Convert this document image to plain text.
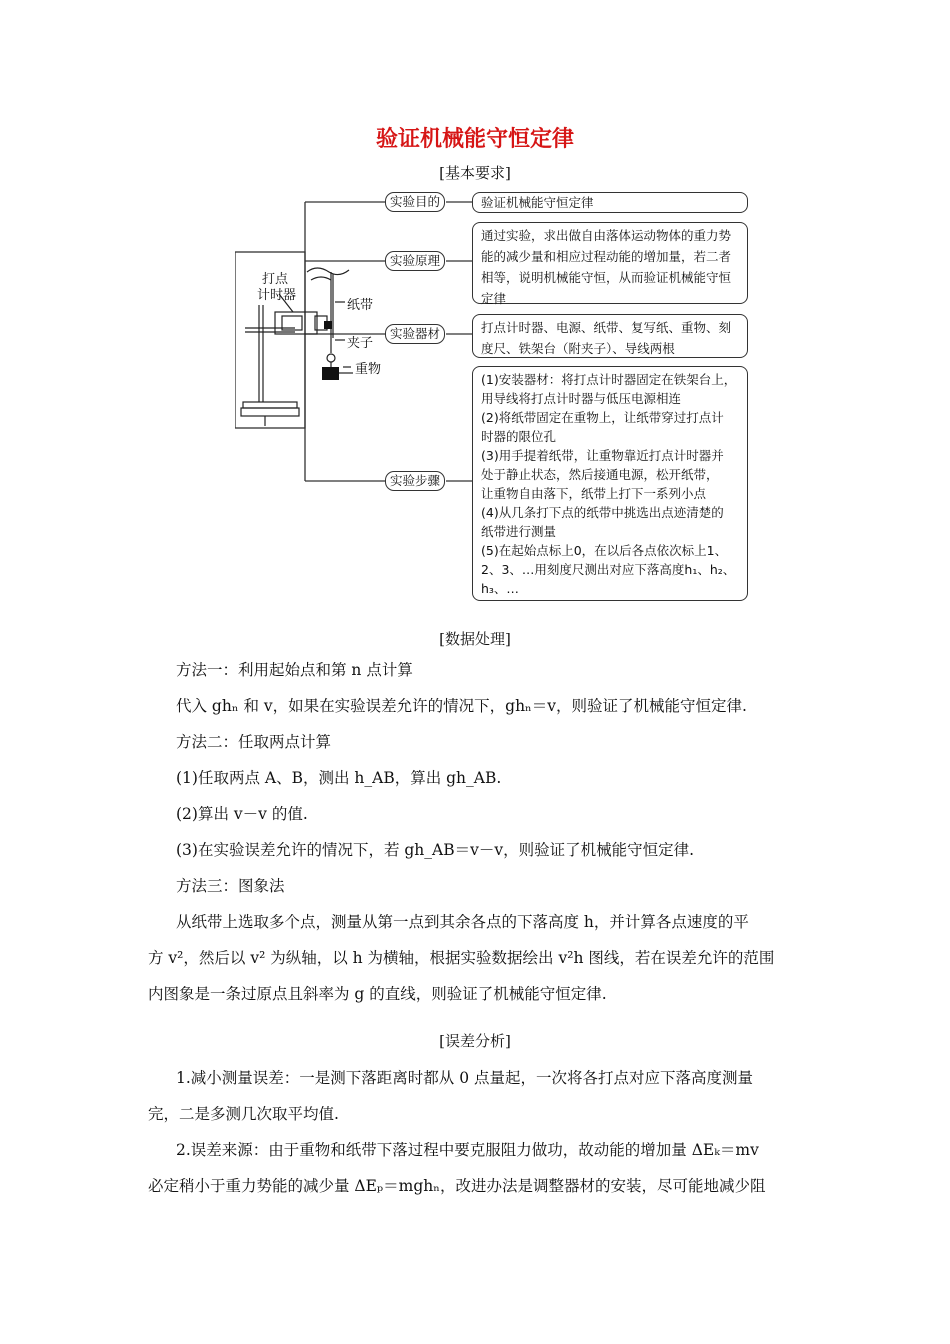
验证机械能守恒定律
[基本要求]
打点
计时器
纸带
夹子
重物
实验目的
实验原理
实验器材
实验步骤
验证机械能守恒定律
通过实验，求出做自由落体运动物体的重力势能的减少量和相应过程动能的增加量，若二者相等，说明机械能守恒，从而验证机械能守恒定律
打点计时器、电源、纸带、复写纸、重物、刻度尺、铁架台（附夹子）、导线两根
(1)安装器材：将打点计时器固定在铁架台上，
用导线将打点计时器与低压电源相连
(2)将纸带固定在重物上，让纸带穿过打点计
时器的限位孔
(3)用手提着纸带，让重物靠近打点计时器并
处于静止状态，然后接通电源，松开纸带，
让重物自由落下，纸带上打下一系列小点
(4)从几条打下点的纸带中挑选出点迹清楚的
纸带进行测量
(5)在起始点标上0，在以后各点依次标上1、
2、3、…用刻度尺测出对应下落高度h₁、h₂、
h₃、…
[数据处理]

方法一：利用起始点和第 n 点计算

代入 ghₙ 和 v，如果在实验误差允许的情况下，ghₙ＝v，则验证了机械能守恒定律.

方法二：任取两点计算

(1)任取两点 A、B，测出 h_AB，算出 gh_AB.

(2)算出 v－v 的值.

(3)在实验误差允许的情况下，若 gh_AB＝v－v，则验证了机械能守恒定律.

方法三：图象法

从纸带上选取多个点，测量从第一点到其余各点的下落高度 h，并计算各点速度的平

方 v²，然后以 v² 为纵轴，以 h 为横轴，根据实验数据绘出 v²h 图线，若在误差允许的范围

内图象是一条过原点且斜率为 g 的直线，则验证了机械能守恒定律.

[误差分析]

1.减小测量误差：一是测下落距离时都从 0 点量起，一次将各打点对应下落高度测量

完，二是多测几次取平均值.

2.误差来源：由于重物和纸带下落过程中要克服阻力做功，故动能的增加量 ΔEₖ＝mv

必定稍小于重力势能的减少量 ΔEₚ＝mghₙ，改进办法是调整器材的安装，尽可能地减少阻
